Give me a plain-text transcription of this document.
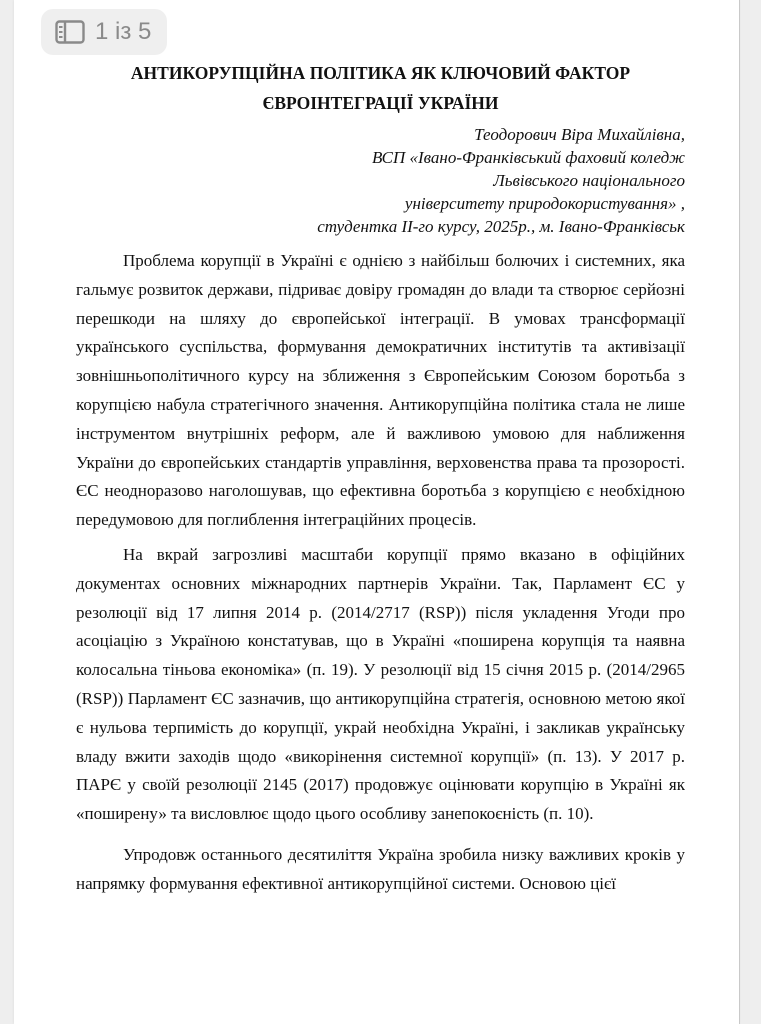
1 із 5
АНТИКОРУПЦІЙНА ПОЛІТИКА ЯК КЛЮЧОВИЙ ФАКТОР
ЄВРОІНТЕГРАЦІЇ УКРАЇНИ
Теодорович Віра Михайлівна,
ВСП «Івано-Франківський фаховий коледж
Львівського національного
університету природокористування» ,
студентка ІІ-го курсу, 2025р., м. Івано-Франківськ

Проблема корупції в Україні є однією з найбільш болючих і системних, яка гальмує розвиток держави, підриває довіру громадян до влади та створює серйозні перешкоди на шляху до європейської інтеграції. В умовах трансформації українського суспільства, формування демократичних інститутів та активізації зовнішньополітичного курсу на зближення з Європейським Союзом боротьба з корупцією набула стратегічного значення. Антикорупційна політика стала не лише інструментом внутрішніх реформ, але й важливою умовою для наближення України до європейських стандартів управління, верховенства права та прозорості. ЄС неодноразово наголошував, що ефективна боротьба з корупцією є необхідною передумовою для поглиблення інтеграційних процесів.

На вкрай загрозливі масштаби корупції прямо вказано в офіційних документах основних міжнародних партнерів України. Так, Парламент ЄС у резолюції від 17 липня 2014 р. (2014/2717 (RSP)) після укладення Угоди про асоціацію з Україною констатував, що в Україні «поширена корупція та наявна колосальна тіньова економіка» (п. 19). У резолюції від 15 січня 2015 р. (2014/2965 (RSP)) Парламент ЄС зазначив, що антикорупційна стратегія, основною метою якої є нульова терпимість до корупції, украй необхідна Україні, і закликав українську владу вжити заходів щодо «викорінення системної корупції» (п. 13). У 2017 р. ПАРЄ у своїй резолюції 2145 (2017) продовжує оцінювати корупцію в Україні як «поширену» та висловлює щодо цього особливу занепокоєність (п. 10).

Упродовж останнього десятиліття Україна зробила низку важливих кроків у напрямку формування ефективної антикорупційної системи. Основою цієї
